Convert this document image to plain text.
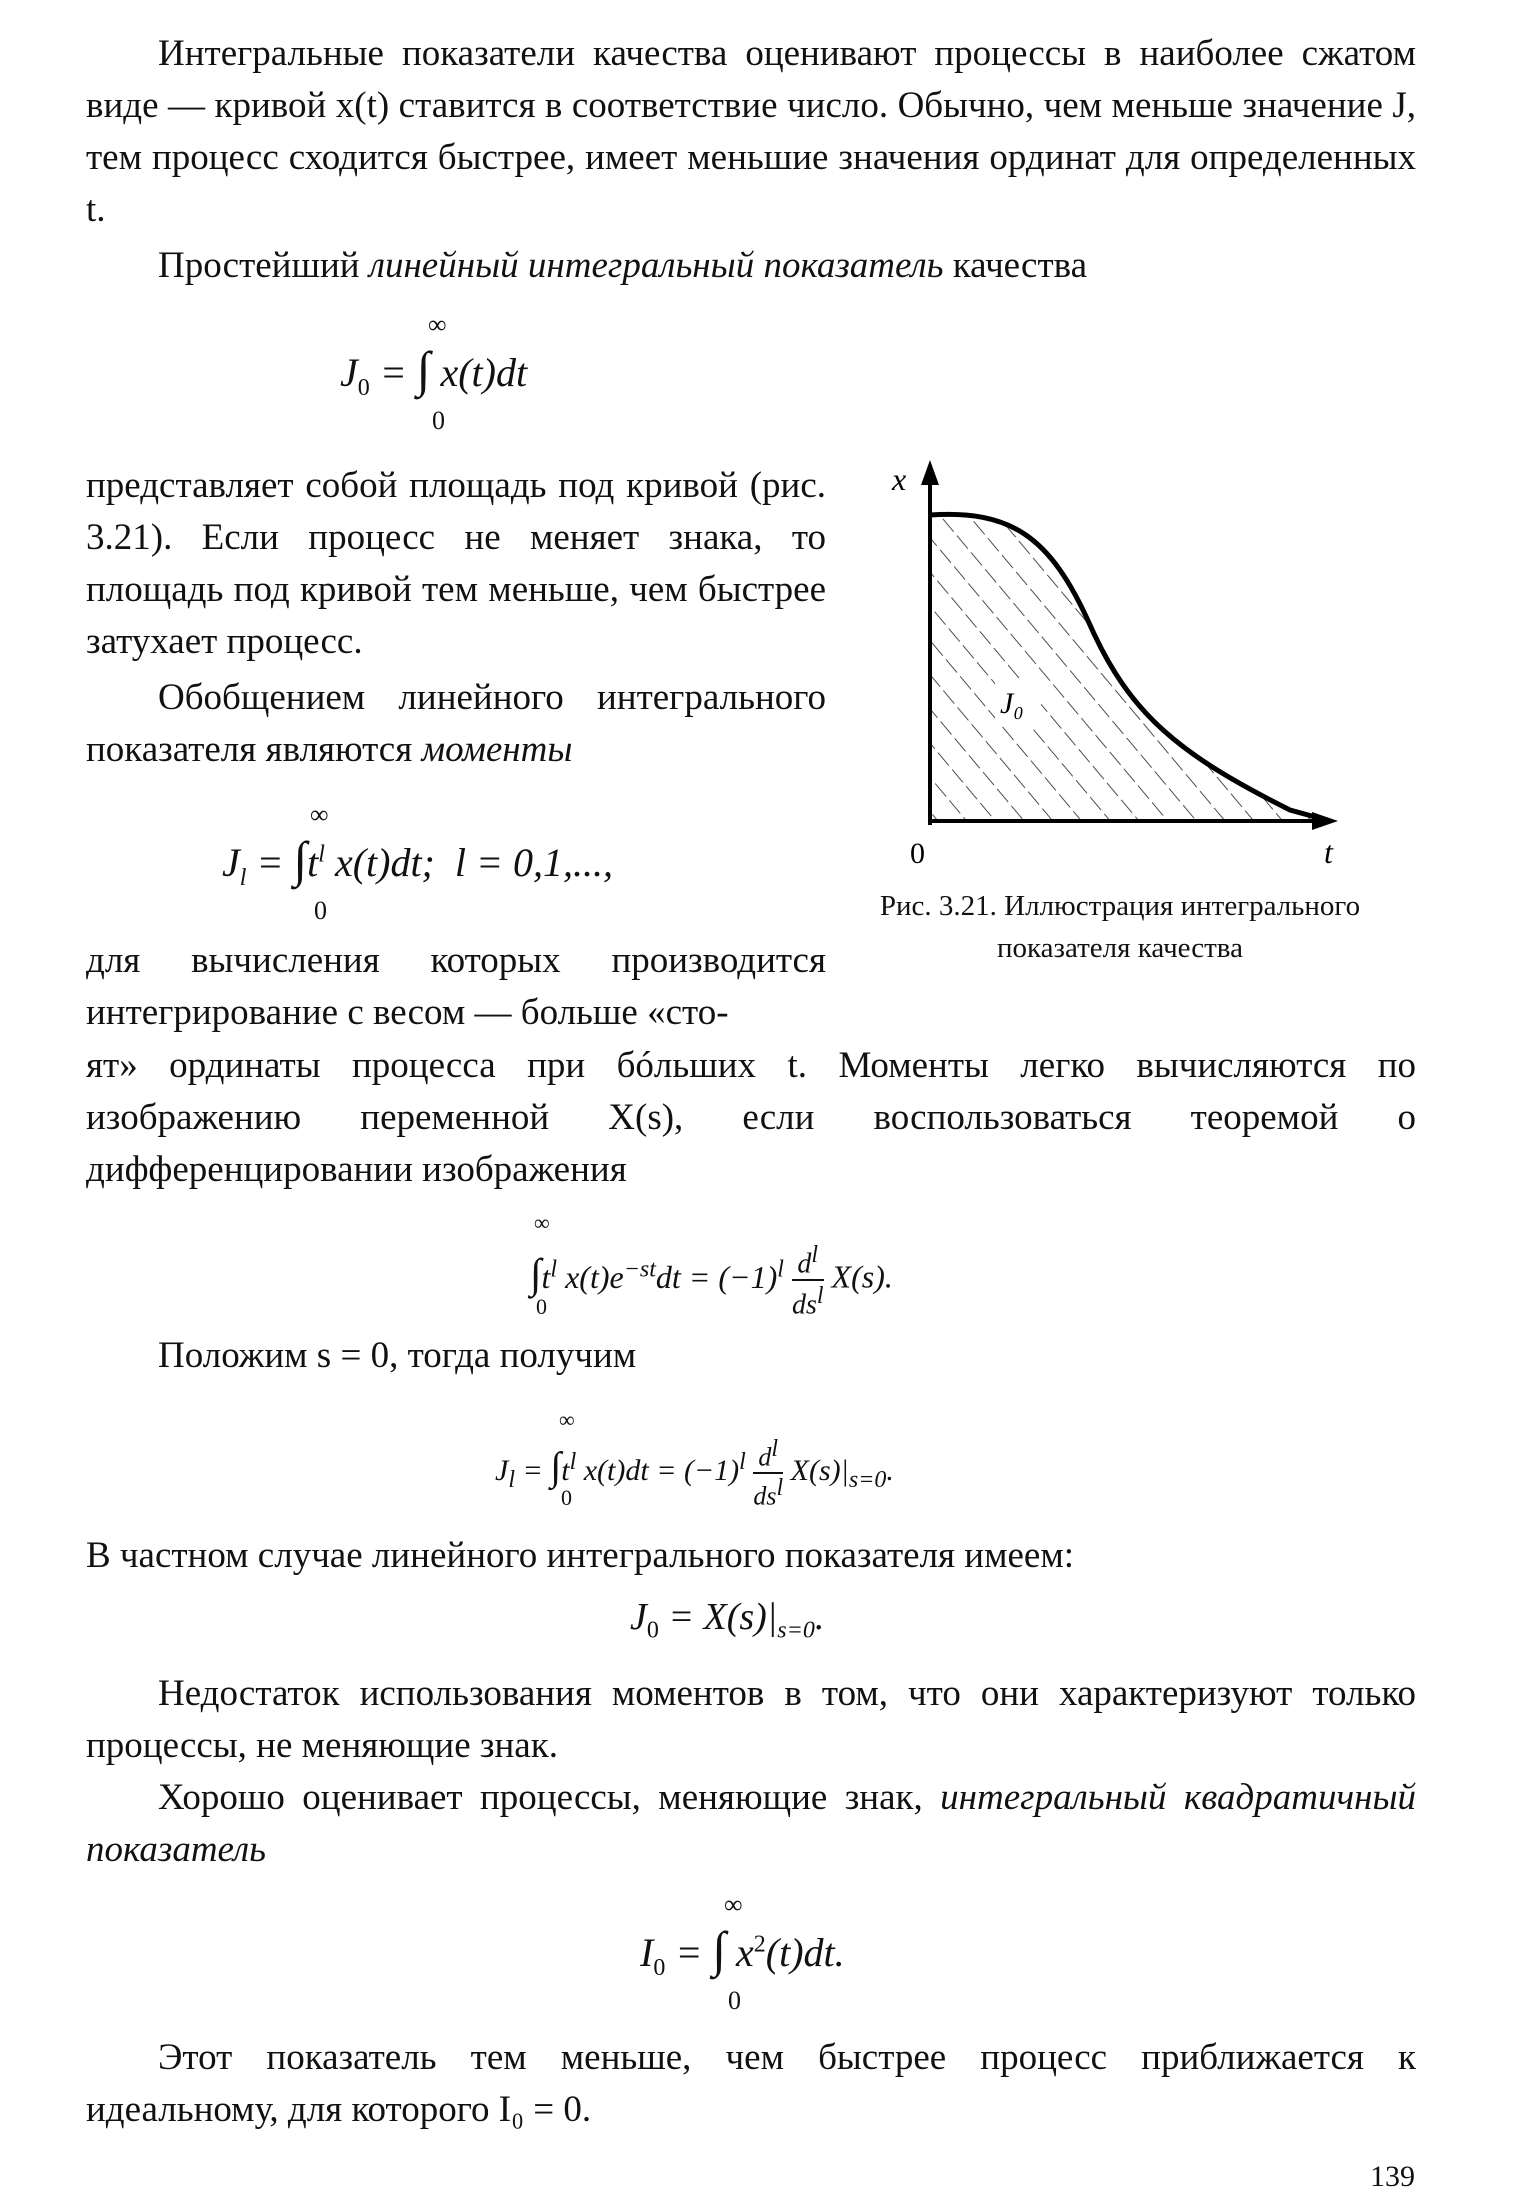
Интегральные показатели качества оценивают процессы в наиболее сжатом виде — кривой x(t) ставится в соответствие число. Обычно, чем меньше значение J, тем процесс сходится быстрее, имеет меньшие значения ординат для определенных t.

Простейший линейный интегральный показатель качества

$J_0$ = ∫ x(t)dt
∞
0

представляет собой площадь под кривой (рис. 3.21). Если процесс не меняет знака, то площадь под кривой тем меньше, чем быстрее затухает процесс.

Обобщением линейного интегрального показателя являются моменты

$J_l = \int t^l$ x(t)dt;  l = 0,1,...,
∞
0
J₀
x
t
0
Рис. 3.21. Иллюстрация интегрального
показателя качества

для вычисления которых производится интегрирование с весом — больше «сто-

ят» ординаты процесса при бóльших t. Моменты легко вычисляются по изображению переменной X(s), если воспользоваться теоремой о дифференцировании изображения

$\int t^l$ $x(t)e^{-st}dt = (-1)^l$ $d^l$
$ds^l$
X(s).
∞
0

Положим s = 0, тогда получим

$J_l = \int t^l$ $x(t)dt = (-1)^l$ $d^l$
$ds^l$
$X(s)|_{s=0}$.
∞
0

В частном случае линейного интегрального показателя имеем:

$J_0 = X(s)|_{s=0}$.

Недостаток использования моментов в том, что они характеризуют только процессы, не меняющие знак.

Хорошо оценивает процессы, меняющие знак, интегральный квадратичный показатель

$I_0$ = ∫ $x^2(t)dt$.
∞
0

Этот показатель тем меньше, чем быстрее процесс приближается к идеальному, для которого I₀ = 0.

139
